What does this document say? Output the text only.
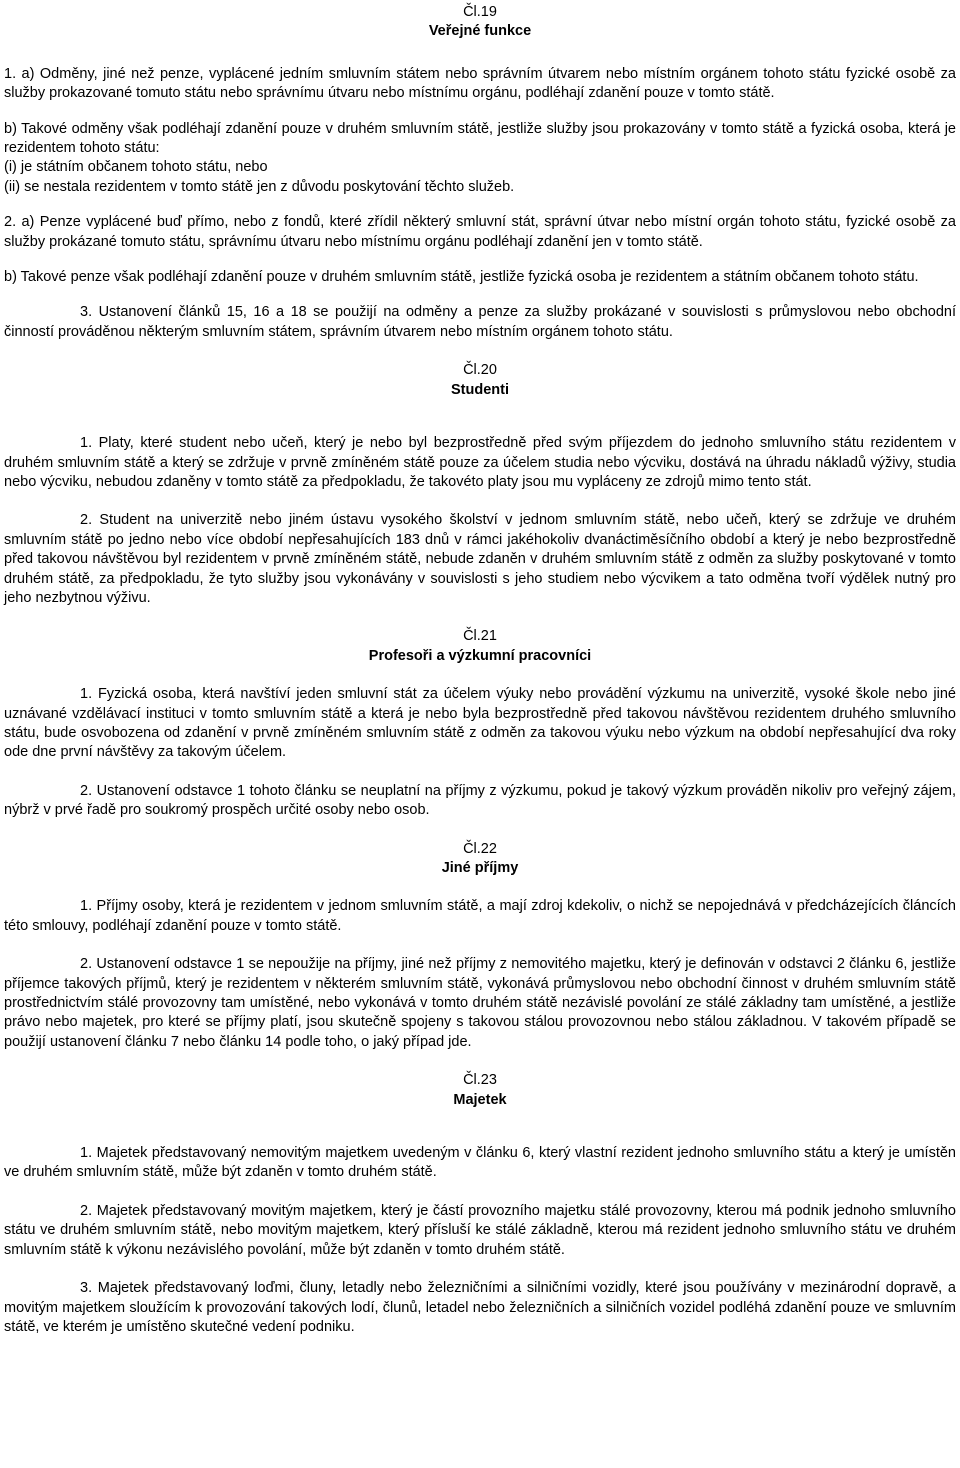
Čl.19
Veřejné funkce

1. a) Odměny, jiné než penze, vyplácené jedním smluvním státem nebo správním útvarem nebo místním orgánem tohoto státu fyzické osobě za služby prokazované tomuto státu nebo správnímu útvaru nebo místnímu orgánu, podléhají zdanění pouze v tomto státě.

b) Takové odměny však podléhají zdanění pouze v druhém smluvním státě, jestliže služby jsou prokazovány v tomto státě a fyzická osoba, která je rezidentem tohoto státu:

(i) je státním občanem tohoto státu, nebo

(ii) se nestala rezidentem v tomto státě jen z důvodu poskytování těchto služeb.

2. a) Penze vyplácené buď přímo, nebo z fondů, které zřídil některý smluvní stát, správní útvar nebo místní orgán tohoto státu, fyzické osobě za služby prokázané tomuto státu, správnímu útvaru nebo místnímu orgánu podléhají zdanění jen v tomto státě.

b) Takové penze však podléhají zdanění pouze v druhém smluvním státě, jestliže fyzická osoba je rezidentem a státním občanem tohoto státu.

3. Ustanovení článků 15, 16 a 18 se použijí na odměny a penze za služby prokázané v souvislosti s průmyslovou nebo obchodní činností prováděnou některým smluvním státem, správním útvarem nebo místním orgánem tohoto státu.

Čl.20
Studenti

1. Platy, které student nebo učeň, který je nebo byl bezprostředně před svým příjezdem do jednoho smluvního státu rezidentem v druhém smluvním státě a který se zdržuje v prvně zmíněném státě pouze za účelem studia nebo výcviku, dostává na úhradu nákladů výživy, studia nebo výcviku, nebudou zdaněny v tomto státě za předpokladu, že takovéto platy jsou mu vypláceny ze zdrojů mimo tento stát.

2. Student na univerzitě nebo jiném ústavu vysokého školství v jednom smluvním státě, nebo učeň, který se zdržuje ve druhém smluvním státě po jedno nebo více období nepřesahujících 183 dnů v rámci jakéhokoliv dvanáctiměsíčního období a který je nebo bezprostředně před takovou návštěvou byl rezidentem v prvně zmíněném státě, nebude zdaněn v druhém smluvním státě z odměn za služby poskytované v tomto druhém státě, za předpokladu, že tyto služby jsou vykonávány v souvislosti s jeho studiem nebo výcvikem a tato odměna tvoří výdělek nutný pro jeho nezbytnou výživu.

Čl.21
Profesoři a výzkumní pracovníci

1. Fyzická osoba, která navštíví jeden smluvní stát za účelem výuky nebo provádění výzkumu na univerzitě, vysoké škole nebo jiné uznávané vzdělávací instituci v tomto smluvním státě a která je nebo byla bezprostředně před takovou návštěvou rezidentem druhého smluvního státu, bude osvobozena od zdanění v prvně zmíněném smluvním státě z odměn za takovou výuku nebo výzkum na období nepřesahující dva roky ode dne první návštěvy za takovým účelem.

2. Ustanovení odstavce 1 tohoto článku se neuplatní na příjmy z výzkumu, pokud je takový výzkum prováděn nikoliv pro veřejný zájem, nýbrž v prvé řadě pro soukromý prospěch určité osoby nebo osob.

Čl.22
Jiné příjmy

1. Příjmy osoby, která je rezidentem v jednom smluvním státě, a mají zdroj kdekoliv, o nichž se nepojednává v předcházejících článcích této smlouvy, podléhají zdanění pouze v tomto státě.

2. Ustanovení odstavce 1 se nepoužije na příjmy, jiné než příjmy z nemovitého majetku, který je definován v odstavci 2 článku 6, jestliže příjemce takových příjmů, který je rezidentem v některém smluvním státě, vykonává průmyslovou nebo obchodní činnost v druhém smluvním státě prostřednictvím stálé provozovny tam umístěné, nebo vykonává v tomto druhém státě nezávislé povolání ze stálé základny tam umístěné, a jestliže právo nebo majetek, pro které se příjmy platí, jsou skutečně spojeny s takovou stálou provozovnou nebo stálou základnou. V takovém případě se použijí ustanovení článku 7 nebo článku 14 podle toho, o jaký případ jde.

Čl.23
Majetek

1. Majetek představovaný nemovitým majetkem uvedeným v článku 6, který vlastní rezident jednoho smluvního státu a který je umístěn ve druhém smluvním státě, může být zdaněn v tomto druhém státě.

2. Majetek představovaný movitým majetkem, který je částí provozního majetku stálé provozovny, kterou má podnik jednoho smluvního státu ve druhém smluvním státě, nebo movitým majetkem, který přísluší ke stálé základně, kterou má rezident jednoho smluvního státu ve druhém smluvním státě k výkonu nezávislého povolání, může být zdaněn v tomto druhém státě.

3. Majetek představovaný loďmi, čluny, letadly nebo železničními a silničními vozidly, které jsou používány v mezinárodní dopravě, a movitým majetkem sloužícím k provozování takových lodí, člunů, letadel nebo železničních a silničních vozidel podléhá zdanění pouze ve smluvním státě, ve kterém je umístěno skutečné vedení podniku.
